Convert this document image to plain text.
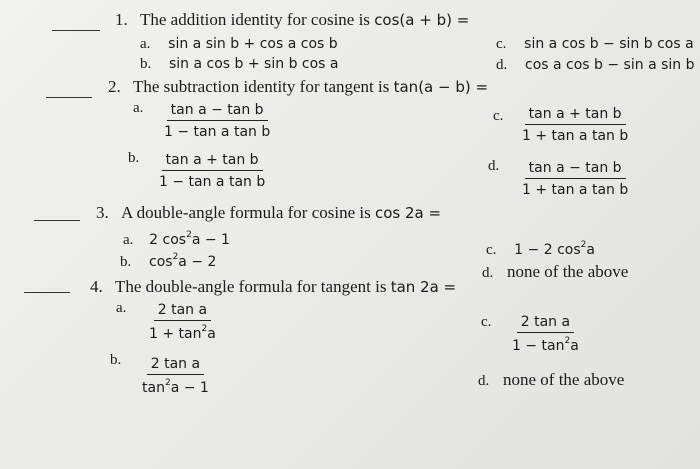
1. The addition identity for cosine is cos(a + b) =
a. sin a sin b + cos a cos b
b. sin a cos b + sin b cos a
c. sin a cos b − sin b cos a
d. cos a cos b − sin a sin b
2. The subtraction identity for tangent is tan(a − b) =
a. $\frac{\text{tan a − tan b}}{\text{1 − tan a tan b}}$
b. $\frac{\text{tan a + tan b}}{\text{1 − tan a tan b}}$
c. $\frac{\text{tan a + tan b}}{\text{1 + tan a tan b}}$
d. $\frac{\text{tan a − tan b}}{\text{1 + tan a tan b}}$
3. A double-angle formula for cosine is cos 2a =
a. 2 $\cos^2a - 1$
b. $\cos^2a - 2$
c. 1 − 2 $\cos^2a$
d. none of the above
4. The double-angle formula for tangent is tan 2a =
a. $\frac{\text{2 tan a}}{1 + \tan^2a}$
b. $\frac{\text{2 tan a}}{\tan^2a - 1}$
c. $\frac{\text{2 tan a}}{1 - \tan^2a}$
d. none of the above
